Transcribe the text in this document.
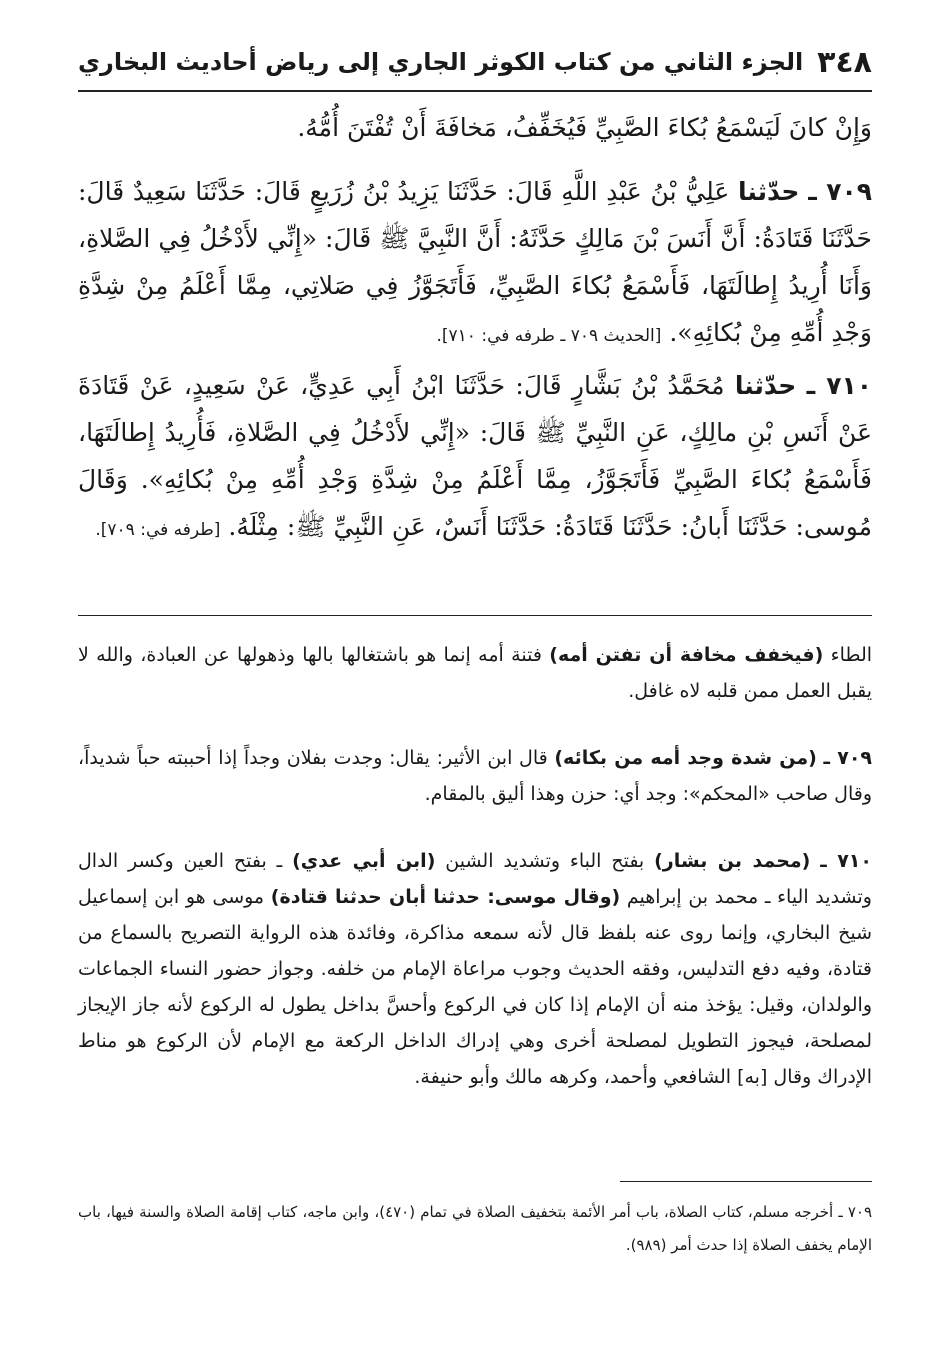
٣٤٨
الجزء الثاني من كتاب الكوثر الجاري إلى رياض أحاديث البخاري
وَإِنْ كانَ لَيَسْمَعُ بُكاءَ الصَّبِيِّ فَيُخَفِّفُ، مَخافَةَ أَنْ تُفْتَنَ أُمُّهُ.
٧٠٩ ـ حدّثنا عَلِيُّ بْنُ عَبْدِ اللَّهِ قَالَ: حَدَّثَنَا يَزِيدُ بْنُ زُرَيعٍ قَالَ: حَدَّثَنَا سَعِيدٌ قَالَ: حَدَّثَنَا قَتَادَةُ: أَنَّ أَنَسَ بْنَ مَالِكٍ حَدَّثَهُ: أَنَّ النَّبِيَّ ﷺ قَالَ: «إِنِّي لأَدْخُلُ فِي الصَّلاةِ، وَأَنَا أُرِيدُ إِطالَتَهَا، فَأَسْمَعُ بُكاءَ الصَّبِيِّ، فَأَتَجَوَّزُ فِي صَلاتِي، مِمَّا أَعْلَمُ مِنْ شِدَّةِ وَجْدِ أُمِّهِ مِنْ بُكائِهِ». [الحديث ٧٠٩ ـ طرفه في: ٧١٠].
٧١٠ ـ حدّثنا مُحَمَّدُ بْنُ بَشَّارٍ قَالَ: حَدَّثَنَا ابْنُ أَبِي عَدِيٍّ، عَنْ سَعِيدٍ، عَنْ قَتَادَةَ عَنْ أَنَسِ بْنِ مالِكٍ، عَنِ النَّبِيِّ ﷺ قَالَ: «إِنِّي لأَدْخُلُ فِي الصَّلاةِ، فَأُرِيدُ إِطالَتَهَا، فَأَسْمَعُ بُكاءَ الصَّبِيِّ فَأَتَجَوَّزُ، مِمَّا أَعْلَمُ مِنْ شِدَّةِ وَجْدِ أُمِّهِ مِنْ بُكائِهِ». وَقَالَ مُوسى: حَدَّثَنَا أَبانُ: حَدَّثَنَا قَتَادَةُ: حَدَّثَنَا أَنَسٌ، عَنِ النَّبِيِّ ﷺ: مِثْلَهُ. [طرفه في: ٧٠٩].
الطاء (فيخفف مخافة أن تفتن أمه) فتنة أمه إنما هو باشتغالها بالها وذهولها عن العبادة، والله لا يقبل العمل ممن قلبه لاه غافل.
٧٠٩ ـ (من شدة وجد أمه من بكائه) قال ابن الأثير: يقال: وجدت بفلان وجداً إذا أحببته حباً شديداً، وقال صاحب «المحكم»: وجد أي: حزن وهذا أليق بالمقام.
٧١٠ ـ (محمد بن بشار) بفتح الباء وتشديد الشين (ابن أبي عدي) ـ بفتح العين وكسر الدال وتشديد الياء ـ محمد بن إبراهيم (وقال موسى: حدثنا أبان حدثنا قتادة) موسى هو ابن إسماعيل شيخ البخاري، وإنما روى عنه بلفظ قال لأنه سمعه مذاكرة، وفائدة هذه الرواية التصريح بالسماع من قتادة، وفيه دفع التدليس، وفقه الحديث وجوب مراعاة الإمام من خلفه. وجواز حضور النساء الجماعات والولدان، وقيل: يؤخذ منه أن الإمام إذا كان في الركوع وأحسَّ بداخل يطول له الركوع لأنه جاز الإيجاز لمصلحة، فيجوز التطويل لمصلحة أخرى وهي إدراك الداخل الركعة مع الإمام لأن الركوع هو مناط الإدراك وقال [به] الشافعي وأحمد، وكرهه مالك وأبو حنيفة.
٧٠٩ ـ أخرجه مسلم، كتاب الصلاة، باب أمر الأئمة بتخفيف الصلاة في تمام (٤٧٠)، وابن ماجه، كتاب إقامة الصلاة والسنة فيها، باب الإمام يخفف الصلاة إذا حدث أمر (٩٨٩).
